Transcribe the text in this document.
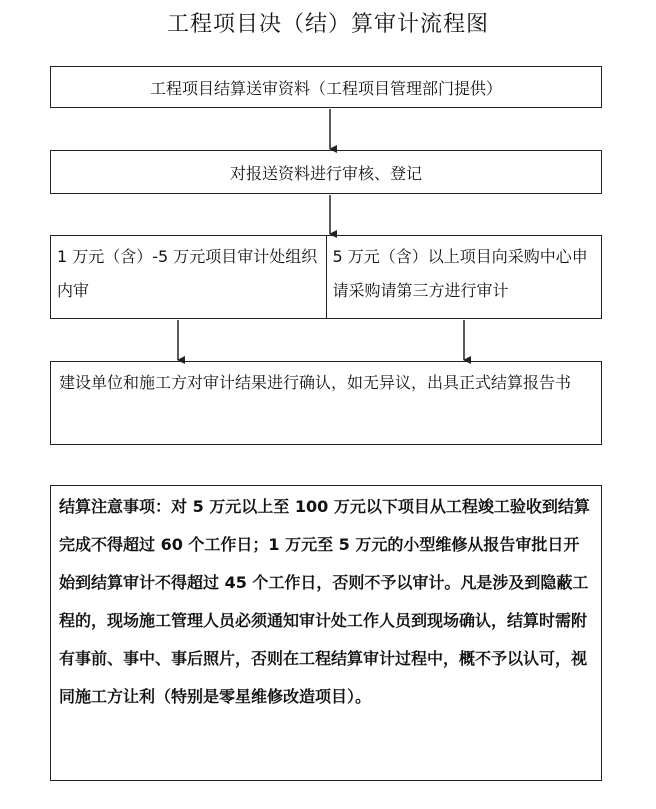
工程项目决（结）算审计流程图
工程项目结算送审资料（工程项目管理部门提供）
对报送资料进行审核、登记
1 万元（含）-5 万元项目审计处组织内审
5 万元（含）以上项目向采购中心申请采购请第三方进行审计
建设单位和施工方对审计结果进行确认，如无异议，出具正式结算报告书
结算注意事项：对 5 万元以上至 100 万元以下项目从工程竣工验收到结算完成不得超过 60 个工作日；1 万元至 5 万元的小型维修从报告审批日开始到结算审计不得超过 45 个工作日，否则不予以审计。凡是涉及到隐蔽工程的，现场施工管理人员必须通知审计处工作人员到现场确认，结算时需附有事前、事中、事后照片，否则在工程结算审计过程中，概不予以认可，视同施工方让利（特别是零星维修改造项目）。
